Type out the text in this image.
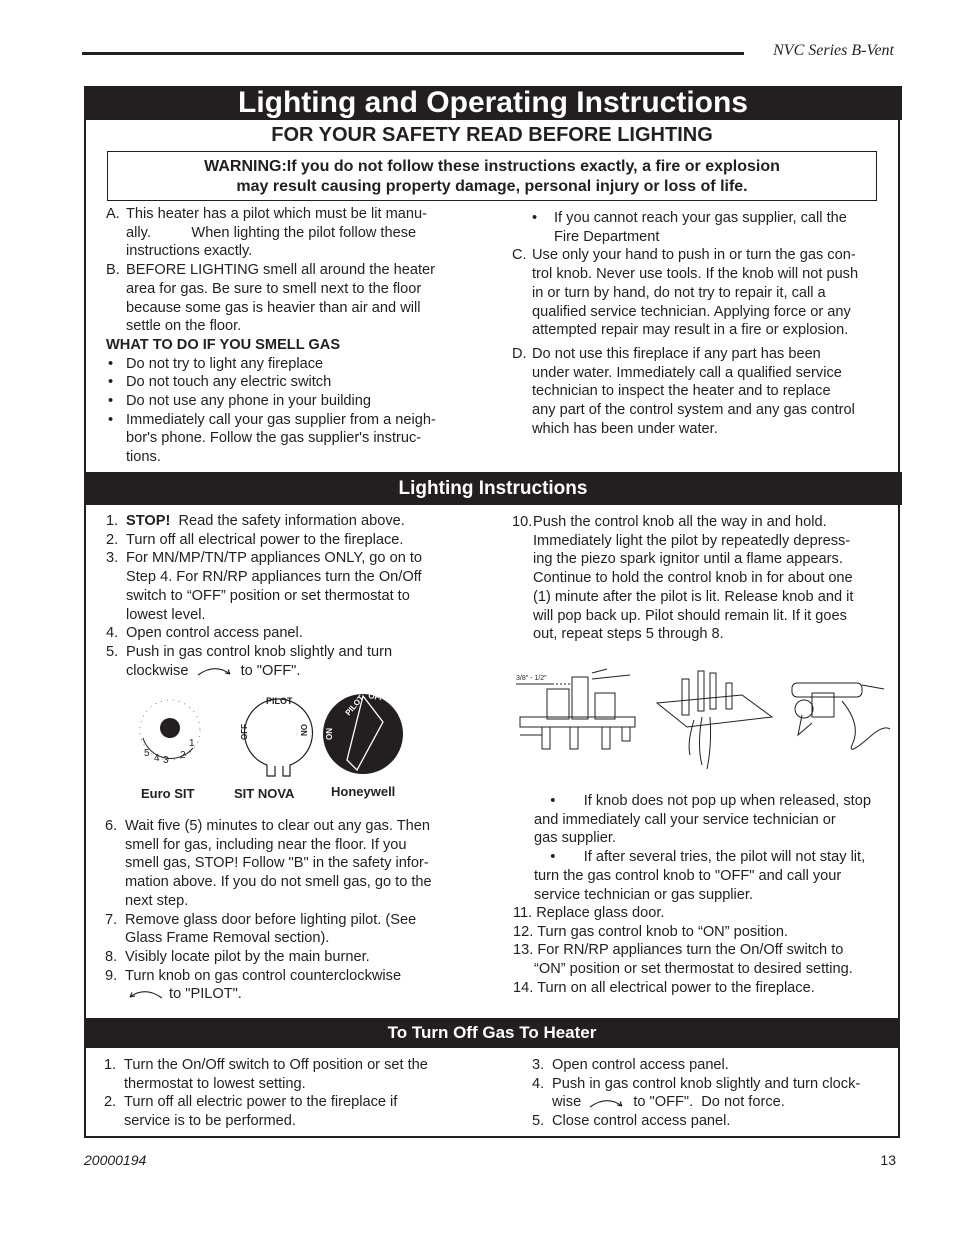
NVC Series B-Vent
Lighting and Operating Instructions
FOR YOUR SAFETY READ BEFORE LIGHTING
WARNING:If you do not follow these instructions exactly, a fire or explosion
may result causing property damage, personal injury or loss of life.
A. This heater has a pilot which must be lit manu-
ally.          When lighting the pilot follow these
instructions exactly.
B. BEFORE LIGHTING smell all around the heater
area for gas. Be sure to smell next to the floor
because some gas is heavier than air and will
settle on the floor.
WHAT TO DO IF YOU SMELL GAS
• Do not try to light any fireplace
• Do not touch any electric switch
• Do not use any phone in your building
• Immediately call your gas supplier from a neigh-
bor's phone. Follow the gas supplier's instruc-
tions.
• If you cannot reach your gas supplier, call the
Fire Department
C. Use only your hand to push in or turn the gas con-
trol knob. Never use tools. If the knob will not push
in or turn by hand, do not try to repair it, call a
qualified service technician. Applying force or any
attempted repair may result in a fire or explosion.
D. Do not use this fireplace if any part has been
under water. Immediately call a qualified service
technician to inspect the heater and to replace
any part of the control system and any gas control
which has been under water.
Lighting Instructions
1. STOP!  Read the safety information above.
2. Turn off all electrical power to the fireplace.
3. For MN/MP/TN/TP appliances ONLY, go on to
Step 4. For RN/RP appliances turn the On/Off
switch to “OFF” position or set thermostat to
lowest level.
4. Open control access panel.
5. Push in gas control knob slightly and turn
clockwise	to "OFF".
5 4 3 2
1
PILOT
OFF	ON
PILOT OFF
ON
Euro SIT	SIT NOVA	Honeywell
6. Wait five (5) minutes to clear out any gas. Then
smell for gas, including near the floor. If you
smell gas, STOP! Follow "B" in the safety infor-
mation above. If you do not smell gas, go to the
next step.
7. Remove glass door before lighting pilot. (See
Glass Frame Removal section).
8. Visibly locate pilot by the main burner.
9. Turn knob on gas control counterclockwise
to "PILOT".
10. Push the control knob all the way in and hold.
Immediately light the pilot by repeatedly depress-
ing the piezo spark ignitor until a flame appears.
Continue to hold the control knob in for about one
(1) minute after the pilot is lit. Release knob and it
will pop back up. Pilot should remain lit. If it goes
out, repeat steps 5 through 8.
3/8" - 1/2"
•       If knob does not pop up when released, stop
and immediately call your service technician or
gas supplier.
•       If after several tries, the pilot will not stay lit,
turn the gas control knob to "OFF" and call your
service technician or gas supplier.
11. Replace glass door.
12. Turn gas control knob to “ON” position.
13. For RN/RP appliances turn the On/Off switch to
“ON” position or set thermostat to desired setting.
14. Turn on all electrical power to the fireplace.
To Turn Off Gas To Heater
1. Turn the On/Off switch to Off position or set the
thermostat to lowest setting.
2. Turn off all electric power to the fireplace if
service is to be performed.
3. Open control access panel.
4. Push in gas control knob slightly and turn clock-
wise	to "OFF".  Do not force.
5. Close control access panel.
20000194	13
